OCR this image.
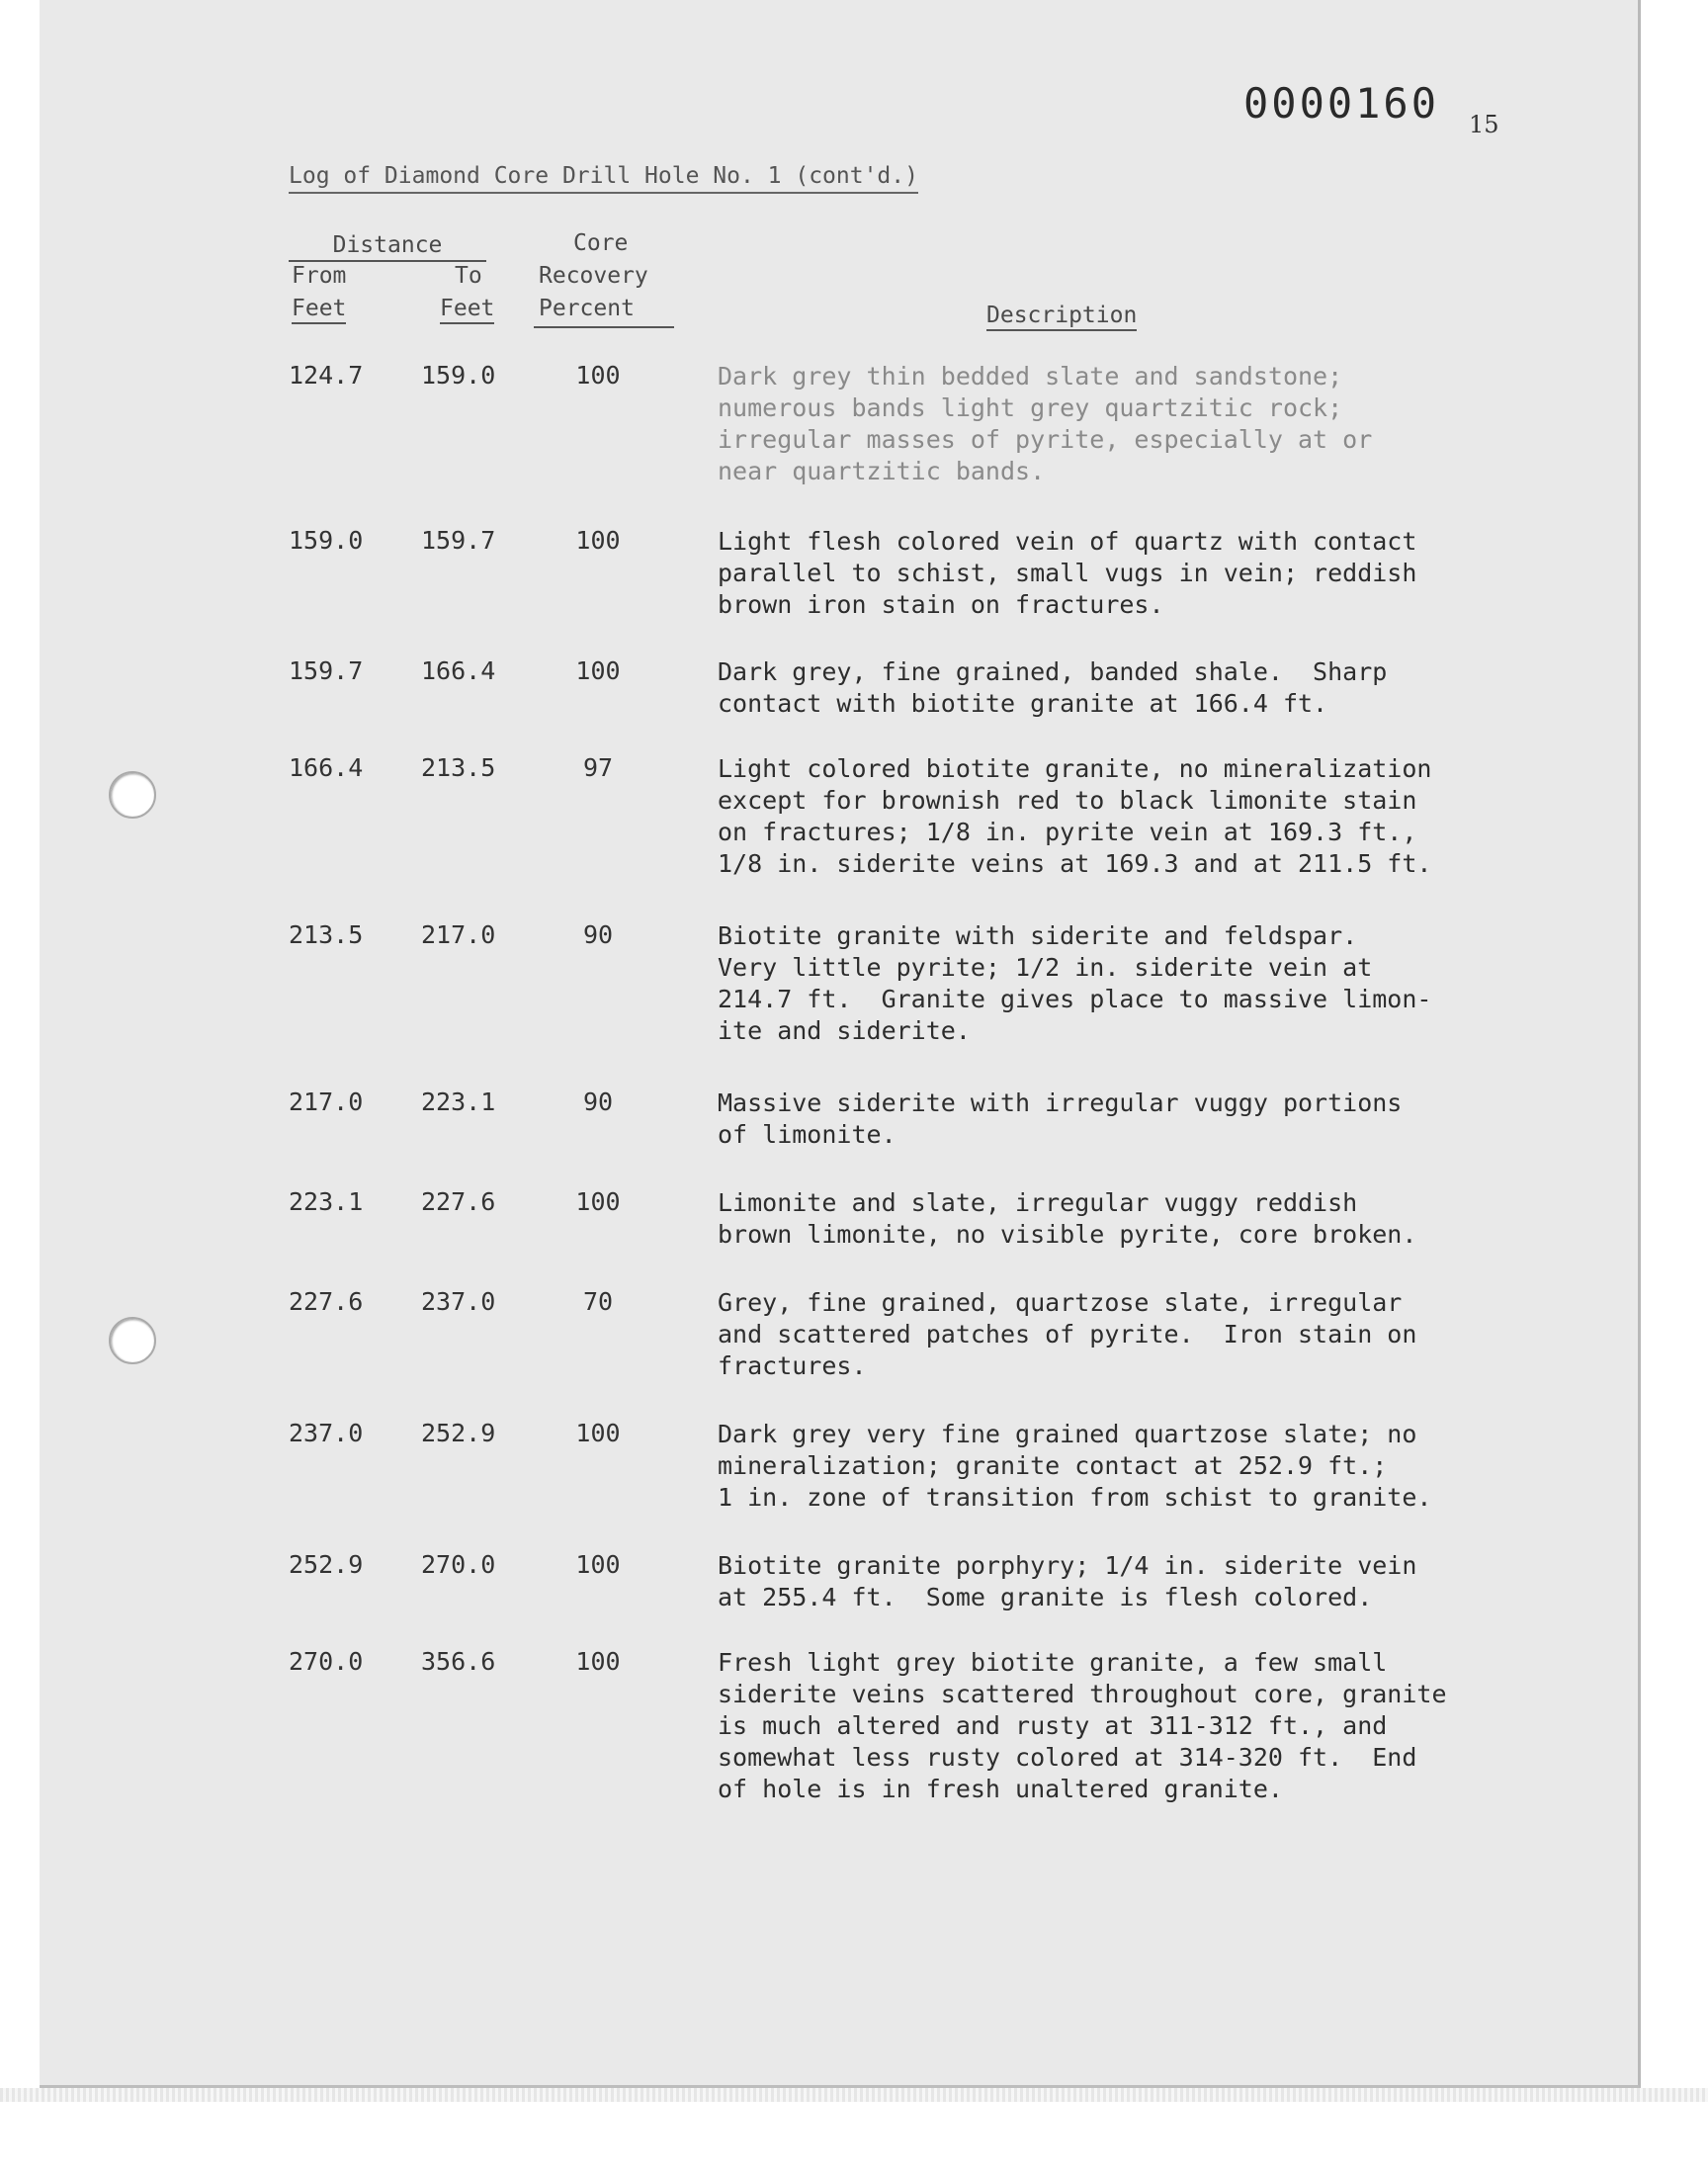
0000160 15
Log of Diamond Core Drill Hole No. 1 (cont'd.)
Distance	Core
From	To Recovery
Feet	Feet Percent	Description
124.7	159.0	100	Dark grey thin bedded slate and sandstone;
numerous bands light grey quartzitic rock;
irregular masses of pyrite, especially at or
near quartzitic bands.
159.0	159.7	100	Light flesh colored vein of quartz with contact
parallel to schist, small vugs in vein; reddish
brown iron stain on fractures.
159.7	166.4	100	Dark grey, fine grained, banded shale.  Sharp
contact with biotite granite at 166.4 ft.
166.4	213.5	97	Light colored biotite granite, no mineralization
except for brownish red to black limonite stain
on fractures; 1/8 in. pyrite vein at 169.3 ft.,
1/8 in. siderite veins at 169.3 and at 211.5 ft.
213.5	217.0	90	Biotite granite with siderite and feldspar.
Very little pyrite; 1/2 in. siderite vein at
214.7 ft.  Granite gives place to massive limon-
ite and siderite.
217.0	223.1	90	Massive siderite with irregular vuggy portions
of limonite.
223.1	227.6	100	Limonite and slate, irregular vuggy reddish
brown limonite, no visible pyrite, core broken.
227.6	237.0	70	Grey, fine grained, quartzose slate, irregular
and scattered patches of pyrite.  Iron stain on
fractures.
237.0	252.9	100	Dark grey very fine grained quartzose slate; no
mineralization; granite contact at 252.9 ft.;
1 in. zone of transition from schist to granite.
252.9	270.0	100	Biotite granite porphyry; 1/4 in. siderite vein
at 255.4 ft.  Some granite is flesh colored.
270.0	356.6	100	Fresh light grey biotite granite, a few small
siderite veins scattered throughout core, granite
is much altered and rusty at 311-312 ft., and
somewhat less rusty colored at 314-320 ft.  End
of hole is in fresh unaltered granite.
